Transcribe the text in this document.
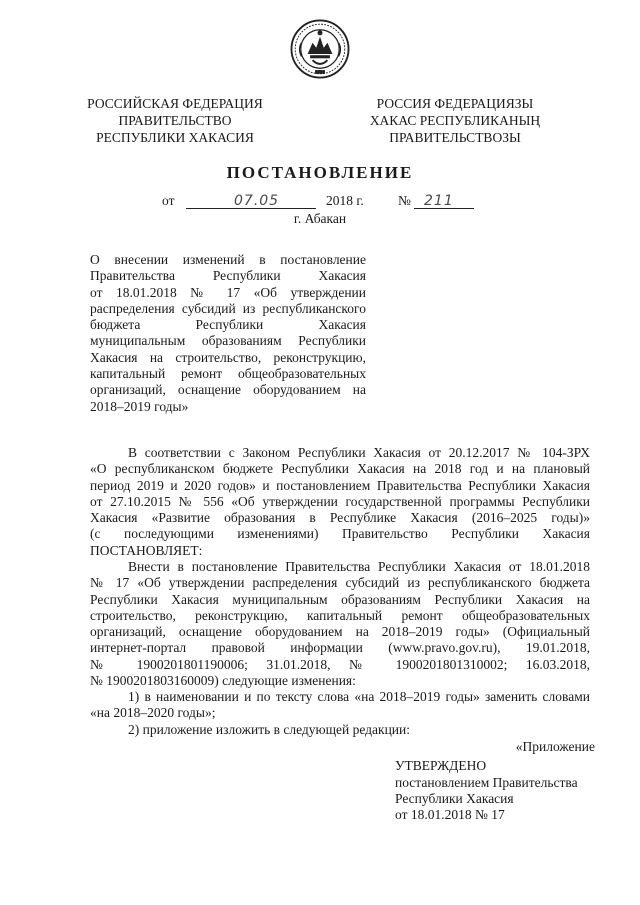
РОССИЙСКАЯ ФЕДЕРАЦИЯ
ПРАВИТЕЛЬСТВО
РЕСПУБЛИКИ ХАКАСИЯ
РОССИЯ ФЕДЕРАЦИЯЗЫ
ХАКАС РЕСПУБЛИКАНЫҢ
ПРАВИТЕЛЬСТВОЗЫ
ПОСТАНОВЛЕНИЕ
от	07.05	2018 г.	№ 211
г. Абакан
О внесении изменений в постановление
Правительства Республики Хакасия
от 18.01.2018 № 17 «Об утверждении
распределения субсидий из республиканского
бюджета Республики Хакасия
муниципальным образованиям Республики
Хакасия на строительство, реконструкцию,
капитальный ремонт общеобразовательных
организаций, оснащение оборудованием на
2018–2019 годы»
В соответствии с Законом Республики Хакасия от 20.12.2017 № 104-ЗРХ
«О республиканском бюджете Республики Хакасия на 2018 год и на плановый
период 2019 и 2020 годов» и постановлением Правительства Республики Хакасия
от 27.10.2015 № 556 «Об утверждении государственной программы Республики
Хакасия «Развитие образования в Республике Хакасия (2016–2025 годы)»
(с последующими изменениями) Правительство Республики Хакасия
ПОСТАНОВЛЯЕТ:
Внести в постановление Правительства Республики Хакасия от 18.01.2018
№ 17 «Об утверждении распределения субсидий из республиканского бюджета
Республики Хакасия муниципальным образованиям Республики Хакасия на
строительство, реконструкцию, капитальный ремонт общеобразовательных
организаций, оснащение оборудованием на 2018–2019 годы» (Официальный
интернет-портал правовой информации (www.pravo.gov.ru), 19.01.2018,
№ 1900201801190006; 31.01.2018, № 1900201801310002; 16.03.2018,
№ 1900201803160009) следующие изменения:
1) в наименовании и по тексту слова «на 2018–2019 годы» заменить словами
«на 2018–2020 годы»;
2) приложение изложить в следующей редакции:
«Приложение
УТВЕРЖДЕНО
постановлением Правительства
Республики Хакасия
от 18.01.2018 № 17
